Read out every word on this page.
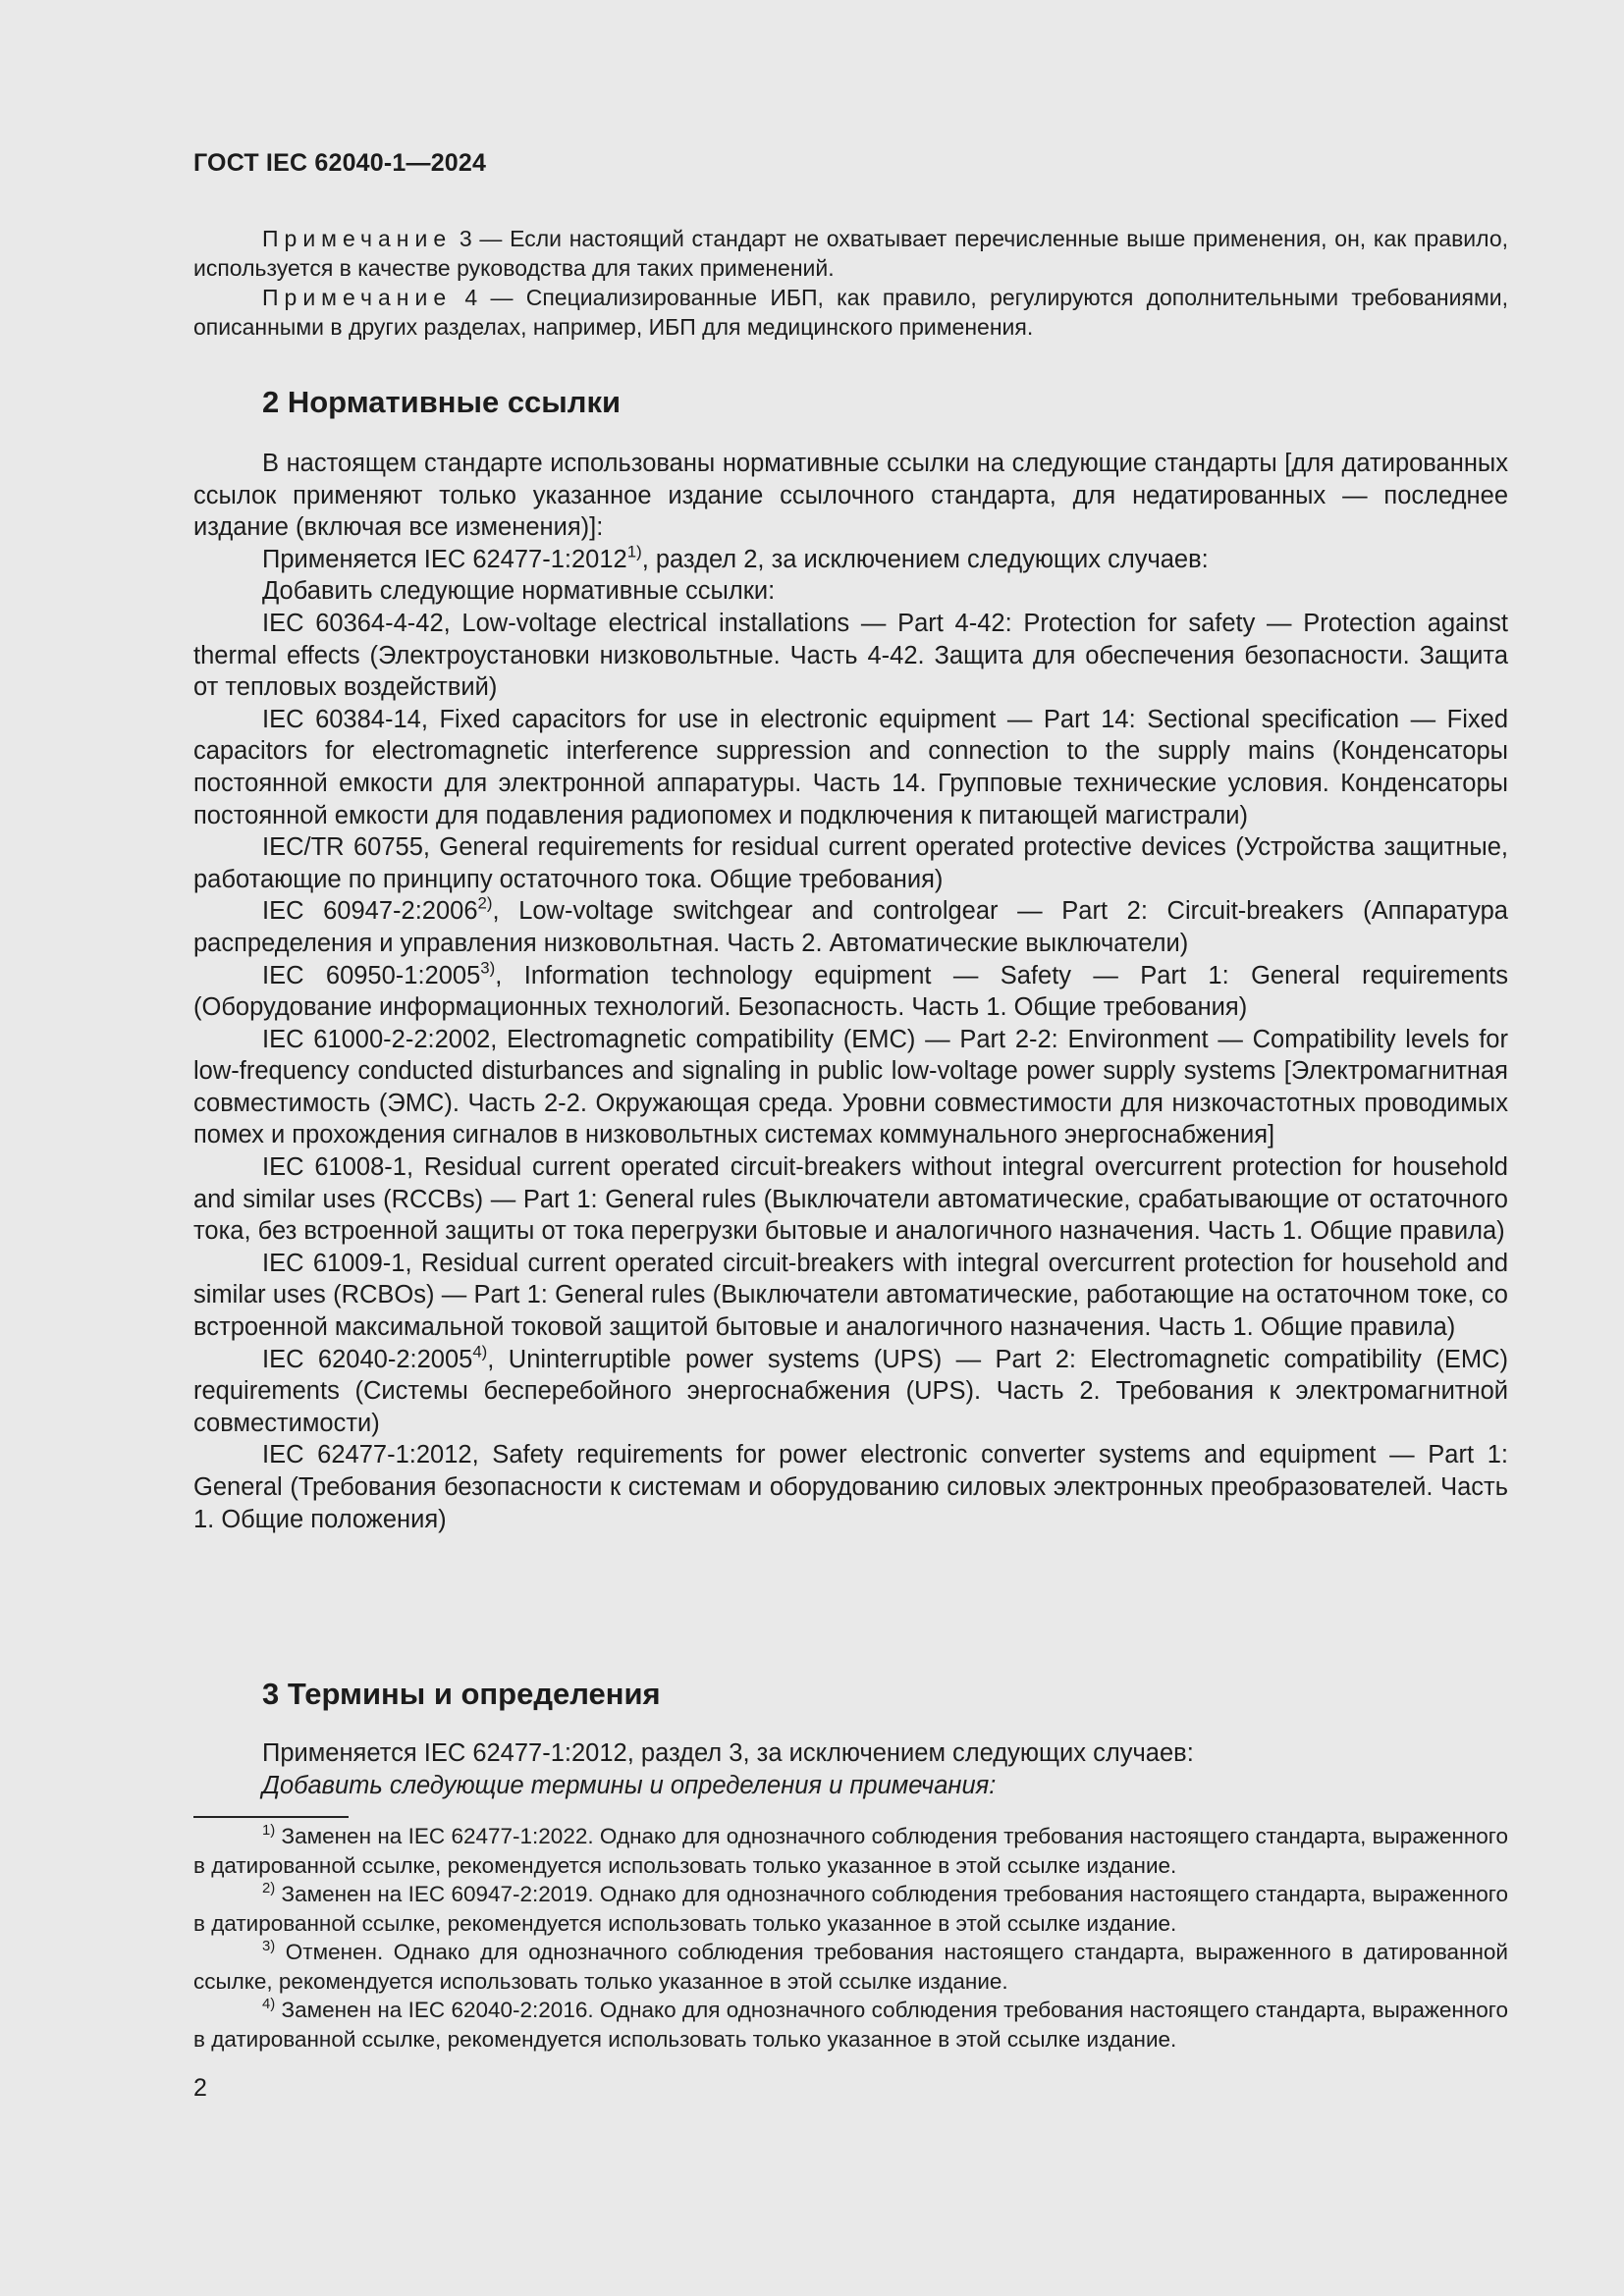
ГОСТ IEC 62040-1—2024

Примечание 3 — Если настоящий стандарт не охватывает перечисленные выше применения, он, как правило, используется в качестве руководства для таких применений.

Примечание 4 — Специализированные ИБП, как правило, регулируются дополнительными требованиями, описанными в других разделах, например, ИБП для медицинского применения.

2 Нормативные ссылки

В настоящем стандарте использованы нормативные ссылки на следующие стандарты [для датированных ссылок применяют только указанное издание ссылочного стандарта, для недатированных — последнее издание (включая все изменения)]:

Применяется IEC 62477-1:2012$^{1)}$, раздел 2, за исключением следующих случаев:

Добавить следующие нормативные ссылки:

IEC 60364-4-42, Low-voltage electrical installations — Part 4-42: Protection for safety — Protection against thermal effects (Электроустановки низковольтные. Часть 4-42. Защита для обеспечения безопасности. Защита от тепловых воздействий)

IEC 60384-14, Fixed capacitors for use in electronic equipment — Part 14: Sectional specification — Fixed capacitors for electromagnetic interference suppression and connection to the supply mains (Конденсаторы постоянной емкости для электронной аппаратуры. Часть 14. Групповые технические условия. Конденсаторы постоянной емкости для подавления радиопомех и подключения к питающей магистрали)

IEC/TR 60755, General requirements for residual current operated protective devices (Устройства защитные, работающие по принципу остаточного тока. Общие требования)

IEC 60947-2:2006$^{2)}$, Low-voltage switchgear and controlgear — Part 2: Circuit-breakers (Аппаратура распределения и управления низковольтная. Часть 2. Автоматические выключатели)

IEC 60950-1:2005$^{3)}$, Information technology equipment — Safety — Part 1: General requirements (Оборудование информационных технологий. Безопасность. Часть 1. Общие требования)

IEC 61000-2-2:2002, Electromagnetic compatibility (EMC) — Part 2-2: Environment — Compatibility levels for low-frequency conducted disturbances and signaling in public low-voltage power supply systems [Электромагнитная совместимость (ЭМС). Часть 2-2. Окружающая среда. Уровни совместимости для низкочастотных проводимых помех и прохождения сигналов в низковольтных системах коммунального энергоснабжения]

IEC 61008-1, Residual current operated circuit-breakers without integral overcurrent protection for household and similar uses (RCCBs) — Part 1: General rules (Выключатели автоматические, срабатывающие от остаточного тока, без встроенной защиты от тока перегрузки бытовые и аналогичного назначения. Часть 1. Общие правила)

IEC 61009-1, Residual current operated circuit-breakers with integral overcurrent protection for household and similar uses (RCBOs) — Part 1: General rules (Выключатели автоматические, работающие на остаточном токе, со встроенной максимальной токовой защитой бытовые и аналогичного назначения. Часть 1. Общие правила)

IEC 62040-2:2005$^{4)}$, Uninterruptible power systems (UPS) — Part 2: Electromagnetic compatibility (EMC) requirements (Системы бесперебойного энергоснабжения (UPS). Часть 2. Требования к электромагнитной совместимости)

IEC 62477-1:2012, Safety requirements for power electronic converter systems and equipment — Part 1: General (Требования безопасности к системам и оборудованию силовых электронных преобразователей. Часть 1. Общие положения)

3 Термины и определения

Применяется IEC 62477-1:2012, раздел 3, за исключением следующих случаев:

Добавить следующие термины и определения и примечания:

$^{1)}$ Заменен на IEC 62477-1:2022. Однако для однозначного соблюдения требования настоящего стандарта, выраженного в датированной ссылке, рекомендуется использовать только указанное в этой ссылке издание.

$^{2)}$ Заменен на IEC 60947-2:2019. Однако для однозначного соблюдения требования настоящего стандарта, выраженного в датированной ссылке, рекомендуется использовать только указанное в этой ссылке издание.

$^{3)}$ Отменен. Однако для однозначного соблюдения требования настоящего стандарта, выраженного в датированной ссылке, рекомендуется использовать только указанное в этой ссылке издание.

$^{4)}$ Заменен на IEC 62040-2:2016. Однако для однозначного соблюдения требования настоящего стандарта, выраженного в датированной ссылке, рекомендуется использовать только указанное в этой ссылке издание.

2
